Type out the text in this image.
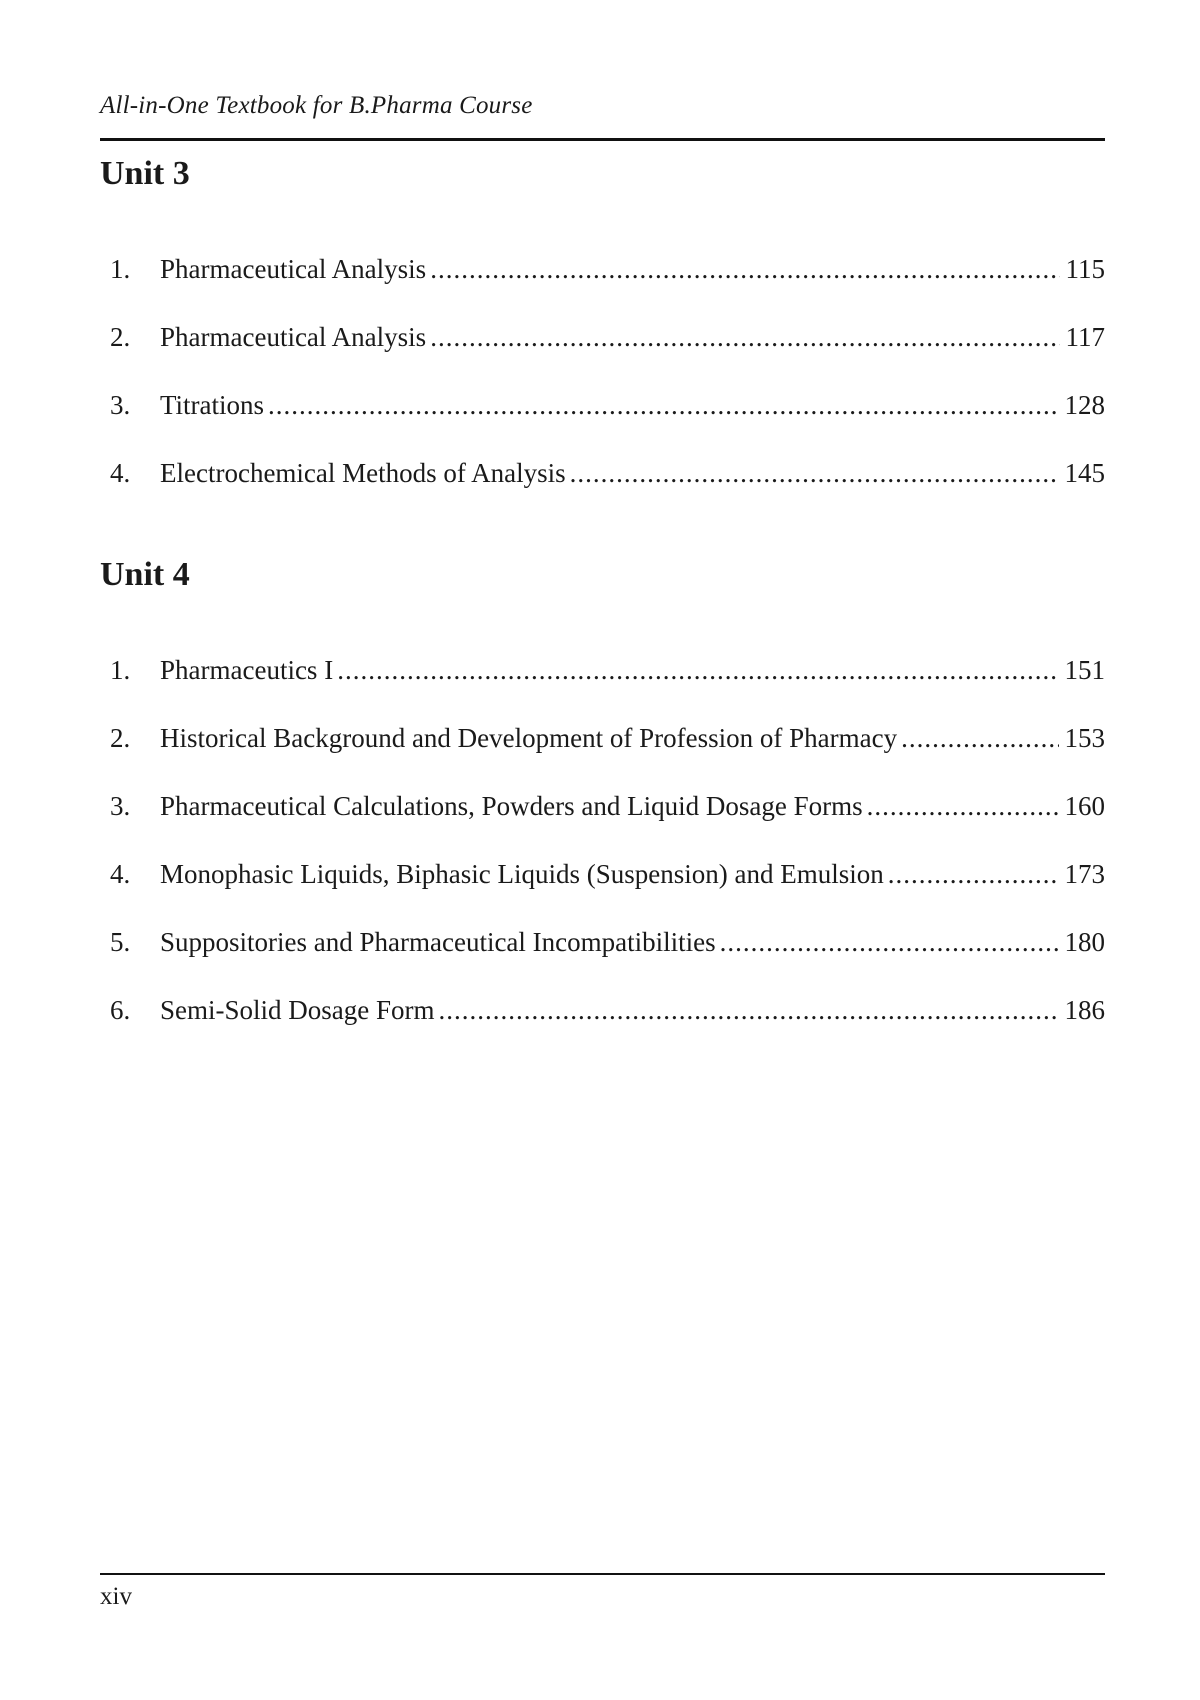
All-in-One Textbook for B.Pharma Course
Unit 3
1.	Pharmaceutical Analysis .....	115
2.	Pharmaceutical Analysis .....	117
3.	Titrations .....	128
4.	Electrochemical Methods of Analysis .....	145
Unit 4
1.	Pharmaceutics I .....	151
2.	Historical Background and Development of Profession of Pharmacy .....	153
3.	Pharmaceutical Calculations, Powders and Liquid Dosage Forms .....	160
4.	Monophasic Liquids, Biphasic Liquids (Suspension) and Emulsion .....	173
5.	Suppositories and Pharmaceutical Incompatibilities .....	180
6.	Semi-Solid Dosage Form .....	186
xiv
